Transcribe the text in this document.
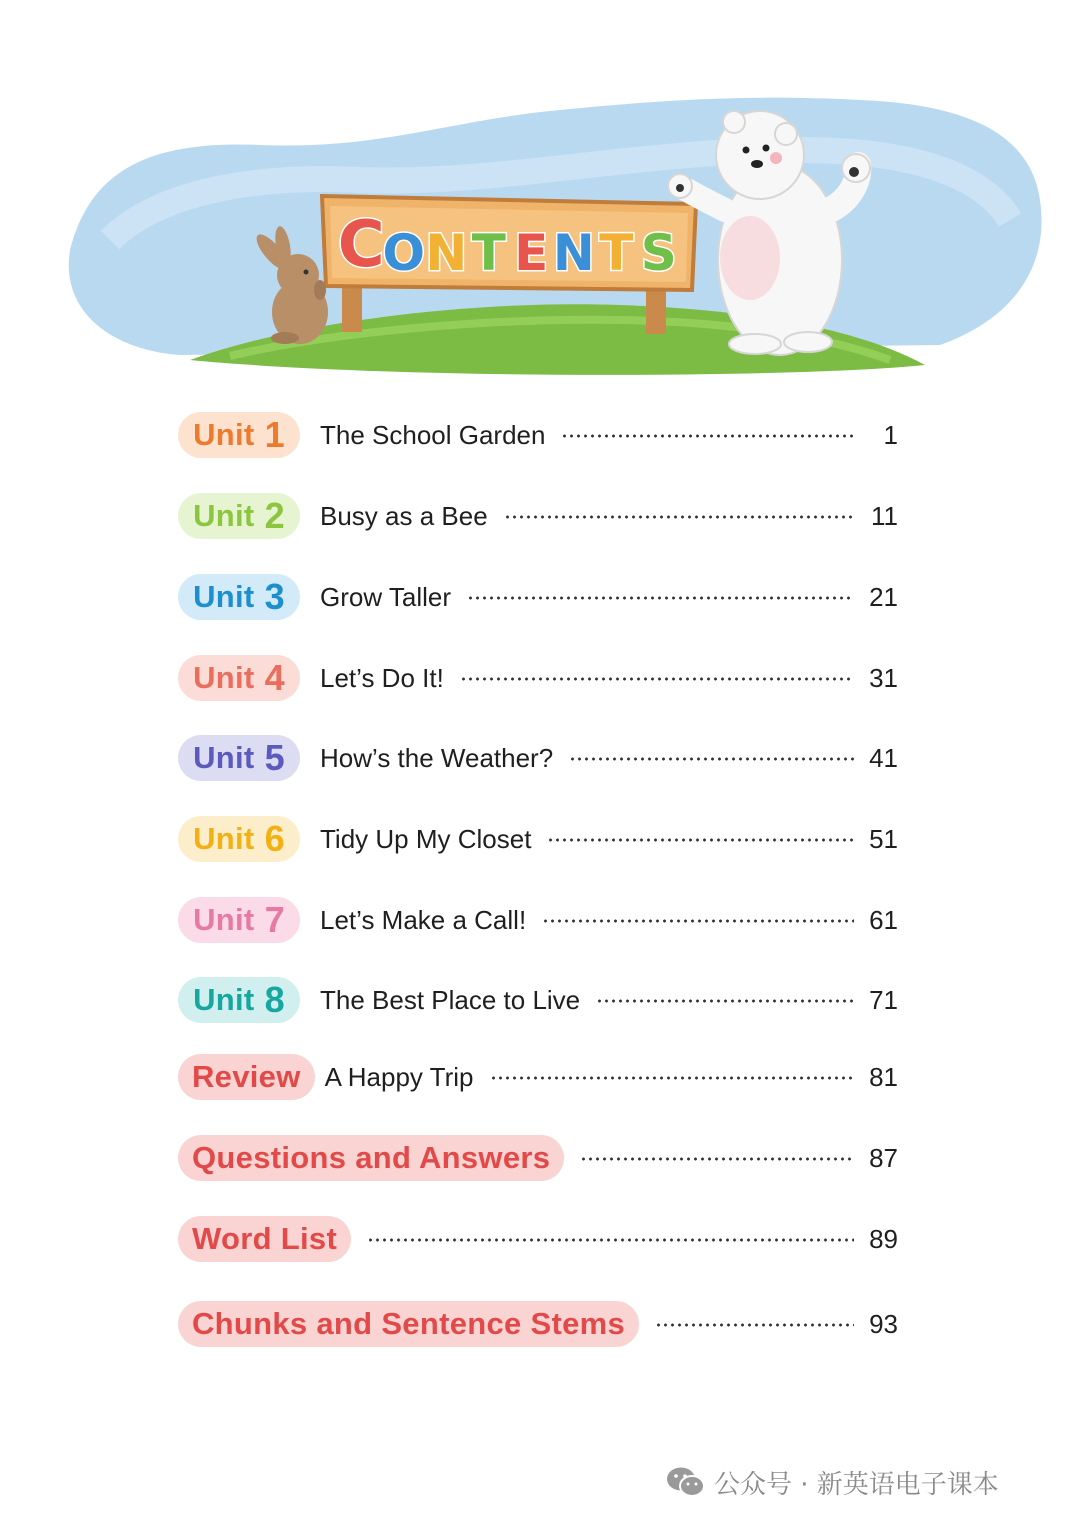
C
O N T E N T S
Unit 1 The School Garden	1
Unit 2 Busy as a Bee	11
Unit 3 Grow Taller	21
Unit 4 Let’s Do It!	31
Unit 5 How’s the Weather?	41
Unit 6 Tidy Up My Closet	51
Unit 7 Let’s Make a Call!	61
Unit 8 The Best Place to Live	71
Review A Happy Trip	81
Questions and Answers	87
Word List	89
Chunks and Sentence Stems	93
公众号 · 新英语电子课本
